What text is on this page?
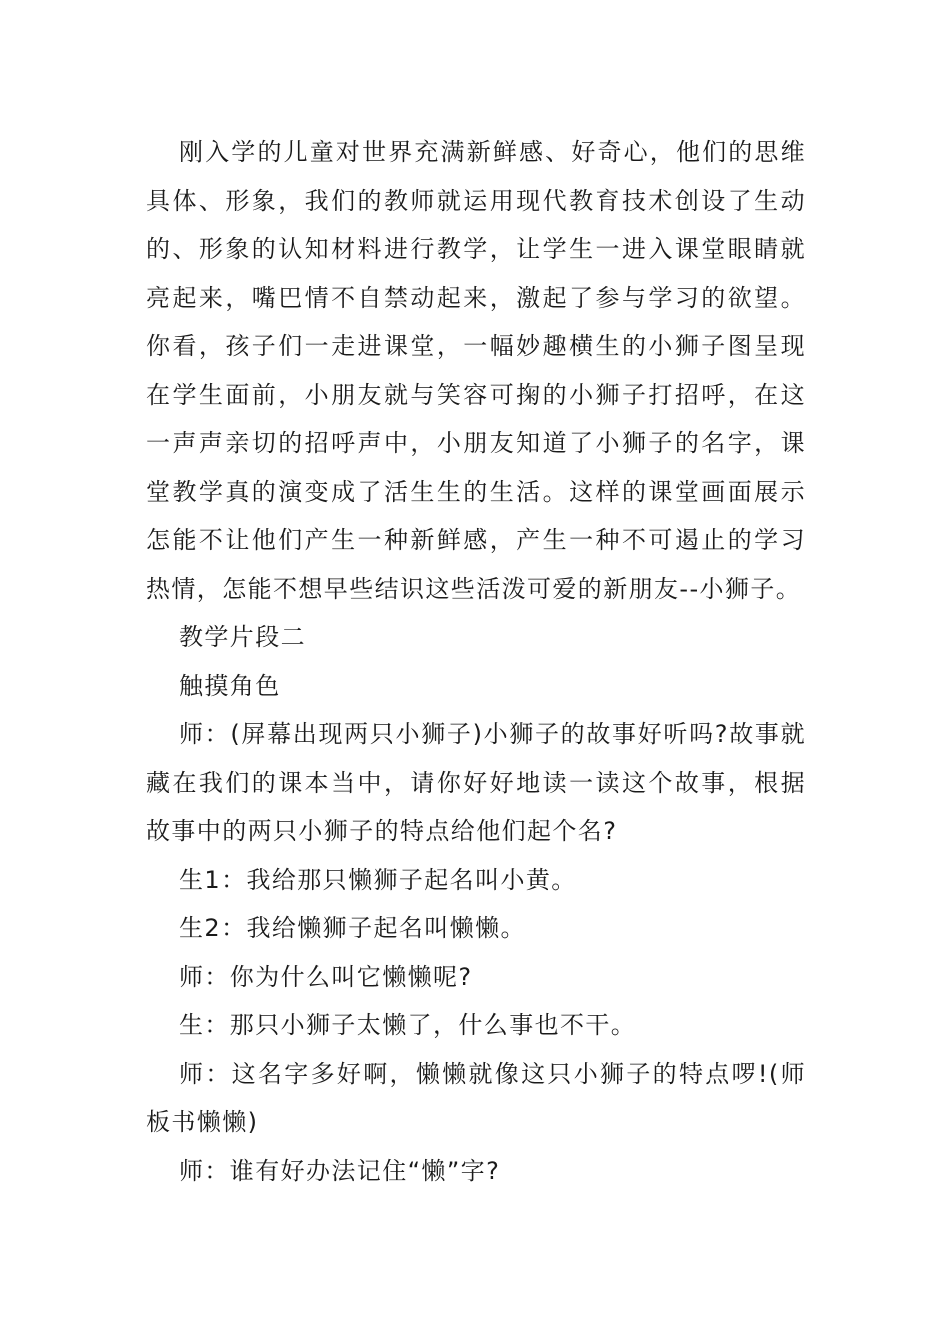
刚入学的儿童对世界充满新鲜感、好奇心，他们的思维具体、形象，我们的教师就运用现代教育技术创设了生动的、形象的认知材料进行教学，让学生一进入课堂眼睛就亮起来，嘴巴情不自禁动起来，激起了参与学习的欲望。你看，孩子们一走进课堂，一幅妙趣横生的小狮子图呈现在学生面前，小朋友就与笑容可掬的小狮子打招呼，在这一声声亲切的招呼声中，小朋友知道了小狮子的名字，课堂教学真的演变成了活生生的生活。这样的课堂画面展示怎能不让他们产生一种新鲜感，产生一种不可遏止的学习热情，怎能不想早些结识这些活泼可爱的新朋友--小狮子。

教学片段二

触摸角色

师：(屏幕出现两只小狮子)小狮子的故事好听吗?故事就藏在我们的课本当中，请你好好地读一读这个故事，根据故事中的两只小狮子的特点给他们起个名?

生1：我给那只懒狮子起名叫小黄。

生2：我给懒狮子起名叫懒懒。

师：你为什么叫它懒懒呢?

生：那只小狮子太懒了，什么事也不干。

师：这名字多好啊，懒懒就像这只小狮子的特点啰!(师板书懒懒)

师：谁有好办法记住“懒”字?
